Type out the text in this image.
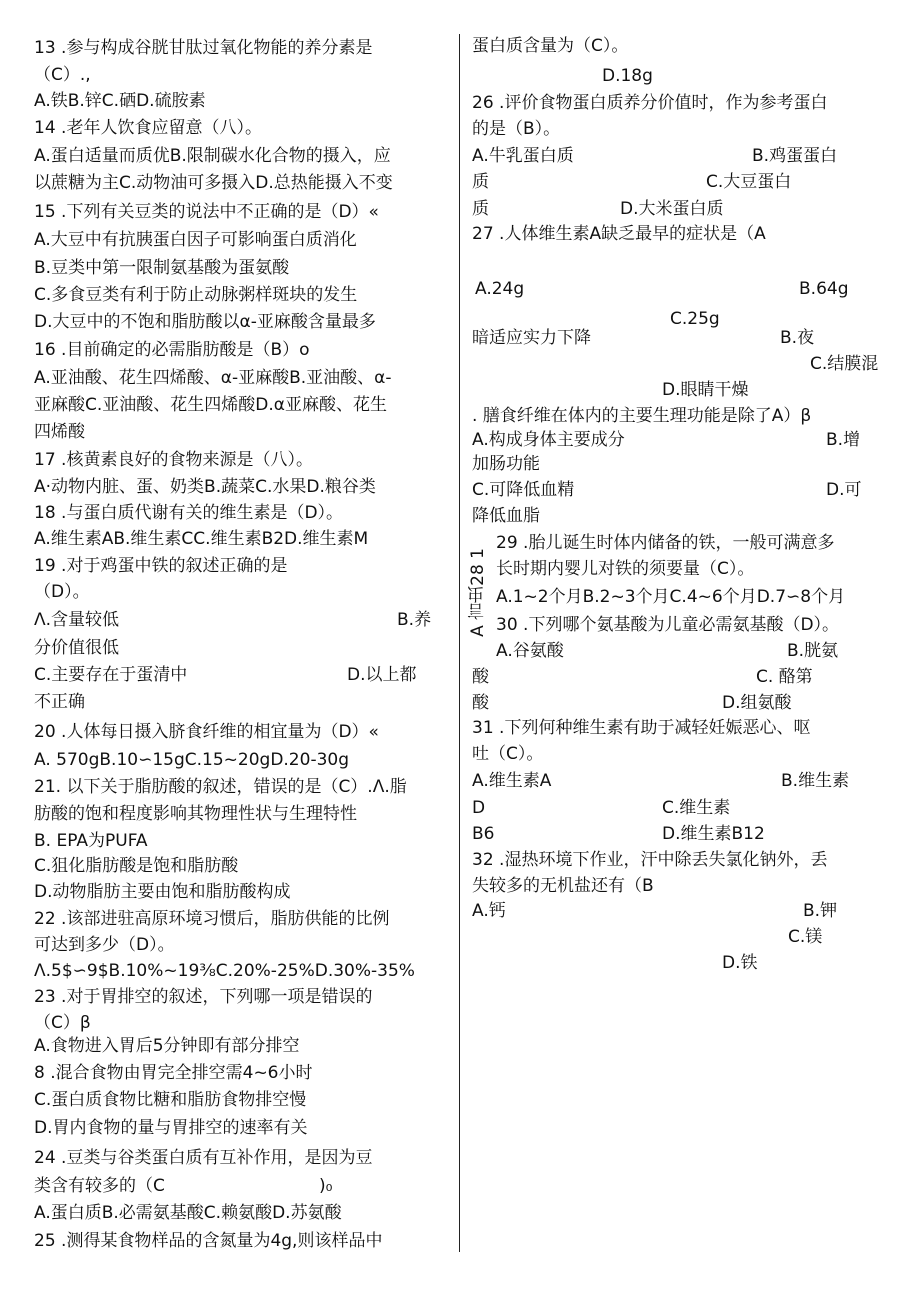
13 .参与构成谷胱甘肽过氧化物能的养分素是
（C）.,
A.铁B.锌C.硒D.硫胺素
14 .老年人饮食应留意（八）。
A.蛋白适量而质优B.限制碳水化合物的摄入，应
以蔗糖为主C.动物油可多摄入D.总热能摄入不变
15 .下列有关豆类的说法中不正确的是（D）«
A.大豆中有抗胰蛋白因子可影响蛋白质消化
B.豆类中第一限制氨基酸为蛋氨酸
C.多食豆类有利于防止动脉粥样斑块的发生
D.大豆中的不饱和脂肪酸以α-亚麻酸含量最多
16 .目前确定的必需脂肪酸是（B）o
A.亚油酸、花生四烯酸、α-亚麻酸B.亚油酸、α-
亚麻酸C.亚油酸、花生四烯酸D.α亚麻酸、花生
四烯酸
17 .核黄素良好的食物来源是（八）。
A·动物内脏、蛋、奶类B.蔬菜C.水果D.粮谷类
18 .与蛋白质代谢有关的维生素是（D）。
A.维生素AB.维生素CC.维生素B2D.维生素M
19 .对于鸡蛋中铁的叙述正确的是
（D）。
Λ.含量较低
分价值很低
C.主要存在于蛋清中
不正确
20 .人体每日摄入脐食纤维的相宜量为（D）«
A. 570gB.10∽15gC.15~20gD.20-30g
21. 以下关于脂肪酸的叙述，错误的是（C）.Λ.脂
肪酸的饱和程度影响其物理性状与生理特性
B. EPA为PUFA
C.狙化脂肪酸是饱和脂肪酸
D.动物脂肪主要由饱和脂肪酸构成
22 .该部进驻高原环境习惯后，脂肪供能的比例
可达到多少（D）。
Λ.5$∽9$B.10%~19⅜C.20%-25%D.30%-35%
23 .对于胃排空的叙述，下列哪一项是错误的
（C）β
A.食物进入胃后5分钟即有部分排空
8 .混合食物由胃完全排空需4~6小时
C.蛋白质食物比糖和脂肪食物排空慢
D.胃内食物的量与胃排空的速率有关
24 .豆类与谷类蛋白质有互补作用，是因为豆
类含有较多的（C
A.蛋白质B.必需氨基酸C.赖氨酸D.苏氨酸
25 .测得某食物样品的含氮量为4g,则该样品中
B.养
D.以上都
)₀
蛋白质含量为（C）。
D.18g
26 .评价食物蛋白质养分价值时，作为参考蛋白
的是（B）。
A.牛乳蛋白质
质
质
27 .人体维生素A缺乏最早的症状是（A
A.24g
C.25g
暗适应实力下降
D.眼睛干燥
. 膳食纤维在体内的主要生理功能是除了A）β
A.构成身体主要成分
加肠功能
C.可降低血精
降低血脂
29 .胎儿诞生时体内储备的铁，一般可满意多
长时期内婴儿对铁的须要量（C）。
A.1~2个月B.2~3个月C.4~6个月D.7∽8个月
30 .下列哪个氨基酸为儿童必需氨基酸（D）。
A.谷氨酸
酸
酸
31 .下列何种维生素有助于减轻妊娠恶心、呕
吐（C）。
A.维生素A
D
B6
32 .湿热环境下作业，汗中除丢失氯化钠外，丢
失较多的无机盐还有（B
A.钙
D.铁
B.鸡蛋蛋白
C.大豆蛋白
D.大米蛋白质
B.64g
B.夜
C.结膜混
B.增
D.可
B.胱氨
C. 酪第
D.组氨酸
B.维生素
C.维生素
D.维生素B12
B.钾
C.镁
A 言虫28 1
